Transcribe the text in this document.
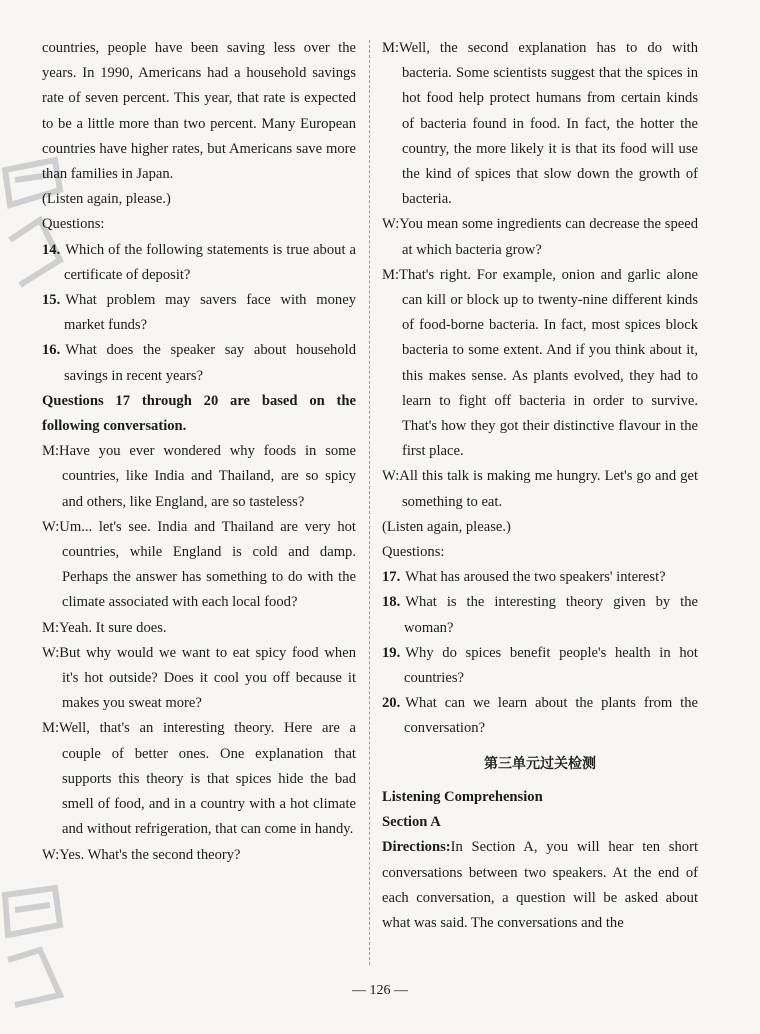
countries, people have been saving less over the years. In 1990, Americans had a household savings rate of seven percent. This year, that rate is expected to be a little more than two percent. Many European countries have higher rates, but Americans save more than families in Japan.
(Listen again, please.)
Questions:
14. Which of the following statements is true about a certificate of deposit?
15. What problem may savers face with money market funds?
16. What does the speaker say about household savings in recent years?
Questions 17 through 20 are based on the following conversation.
M:Have you ever wondered why foods in some countries, like India and Thailand, are so spicy and others, like England, are so tasteless?
W:Um... let's see. India and Thailand are very hot countries, while England is cold and damp. Perhaps the answer has something to do with the climate associated with each local food?
M:Yeah. It sure does.
W:But why would we want to eat spicy food when it's hot outside? Does it cool you off because it makes you sweat more?
M:Well, that's an interesting theory. Here are a couple of better ones. One explanation that supports this theory is that spices hide the bad smell of food, and in a country with a hot climate and without refrigeration, that can come in handy.
W:Yes. What's the second theory?
M:Well, the second explanation has to do with bacteria. Some scientists suggest that the spices in hot food help protect humans from certain kinds of bacteria found in food. In fact, the hotter the country, the more likely it is that its food will use the kind of spices that slow down the growth of bacteria.
W:You mean some ingredients can decrease the speed at which bacteria grow?
M:That's right. For example, onion and garlic alone can kill or block up to twenty-nine different kinds of food-borne bacteria. In fact, most spices block bacteria to some extent. And if you think about it, this makes sense. As plants evolved, they had to learn to fight off bacteria in order to survive. That's how they got their distinctive flavour in the first place.
W:All this talk is making me hungry. Let's go and get something to eat.
(Listen again, please.)
Questions:
17. What has aroused the two speakers' interest?
18. What is the interesting theory given by the woman?
19. Why do spices benefit people's health in hot countries?
20. What can we learn about the plants from the conversation?
第三单元过关检测
Listening Comprehension
Section A
Directions:In Section A, you will hear ten short conversations between two speakers. At the end of each conversation, a question will be asked about what was said. The conversations and the
— 126 —
